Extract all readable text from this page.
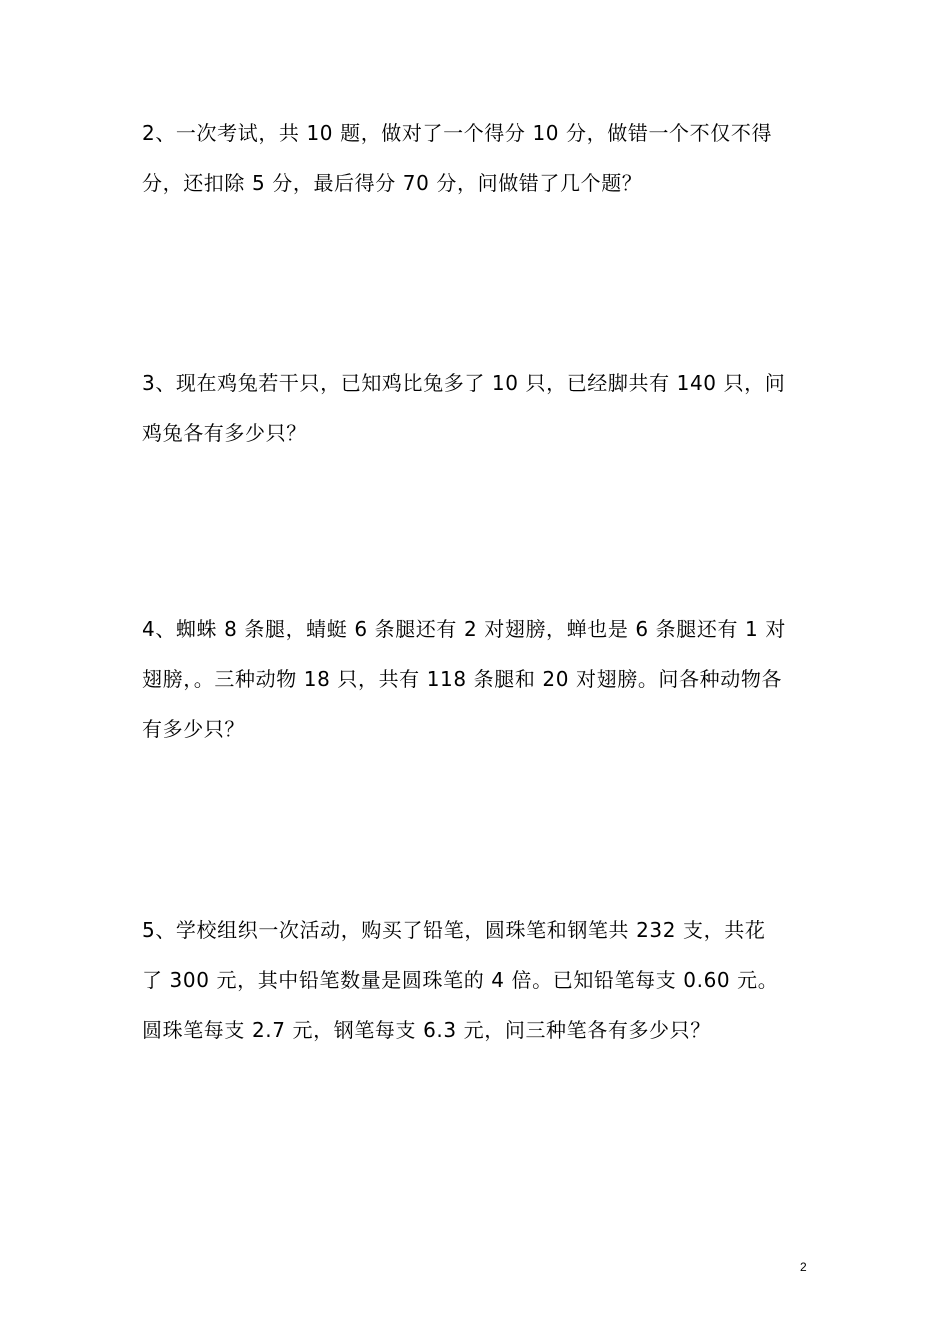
2、一次考试，共 10 题，做对了一个得分 10 分，做错一个不仅不得
分，还扣除 5 分，最后得分 70 分，问做错了几个题？
3、现在鸡兔若干只，已知鸡比兔多了 10 只，已经脚共有 140 只，问
鸡兔各有多少只？
4、蜘蛛 8 条腿，蜻蜓 6 条腿还有 2 对翅膀，蝉也是 6 条腿还有 1 对
翅膀，。三种动物 18 只，共有 118 条腿和 20 对翅膀。问各种动物各
有多少只？
5、学校组织一次活动，购买了铅笔，圆珠笔和钢笔共 232 支，共花
了 300 元，其中铅笔数量是圆珠笔的 4 倍。已知铅笔每支 0.60 元。
圆珠笔每支 2.7 元，钢笔每支 6.3 元，问三种笔各有多少只？
2
